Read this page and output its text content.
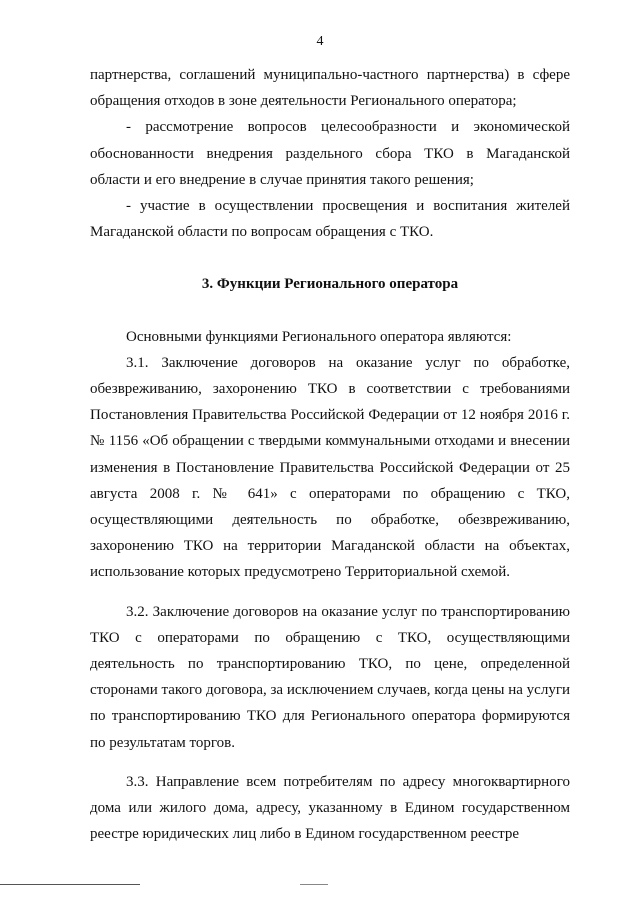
4

партнерства, соглашений муниципально-частного партнерства) в сфере обращения отходов в зоне деятельности Регионального оператора;

- рассмотрение вопросов целесообразности и экономической обоснованности внедрения раздельного сбора ТКО в Магаданской области и его внедрение в случае принятия такого решения;

- участие в осуществлении просвещения и воспитания жителей Магаданской области по вопросам обращения с ТКО.

3. Функции Регионального оператора

Основными функциями Регионального оператора являются:

3.1. Заключение договоров на оказание услуг по обработке, обезвреживанию, захоронению ТКО в соответствии с требованиями Постановления Правительства Российской Федерации от 12 ноября 2016 г. № 1156 «Об обращении с твердыми коммунальными отходами и внесении изменения в Постановление Правительства Российской Федерации от 25 августа 2008 г. № 641» с операторами по обращению с ТКО, осуществляющими деятельность по обработке, обезвреживанию, захоронению ТКО на территории Магаданской области на объектах, использование которых предусмотрено Территориальной схемой.

3.2. Заключение договоров на оказание услуг по транспортированию ТКО с операторами по обращению с ТКО, осуществляющими деятельность по транспортированию ТКО, по цене, определенной сторонами такого договора, за исключением случаев, когда цены на услуги по транспортированию ТКО для Регионального оператора формируются по результатам торгов.

3.3. Направление всем потребителям по адресу многоквартирного дома или жилого дома, адресу, указанному в Едином государственном реестре юридических лиц либо в Едином государственном реестре
